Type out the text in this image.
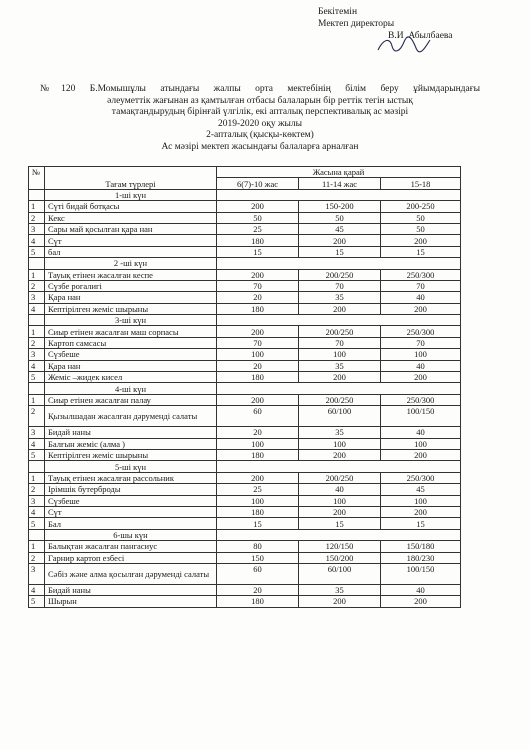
Бекітемін
Мектеп директоры
В.И .Абылбаева
№120 Б.Момышұлы атындағы жалпы орта мектебінің білім беру ұйымдарындағы
әлеуметтік жағынан аз қамтылған отбасы балаларын бір реттік тегін ыстық
тамақтандырудың бірінғай үлгілік, екі апталық перспективалық ас мәзірі
2019-2020 оқу жылы
2-апталық (қысқы-көктем)
Ас мәзірі мектеп жасындағы балаларға арналған
№	Тағам түрлері	Жасына қарай		
		6(7)-10 жас	11-14 жас	15-18
	1-ші күн			
1	Сүті бидай ботқасы	200	150-200	200-250
2	Кекс	50	50	50
3	Сары май қосылған қара нан	25	45	50
4	Сүт	180	200	200
5	бал	15	15	15
	2 -ші күн			
1	Тауық етінен жасалған кеспе	200	200/250	250/300
2	Сүзбе рогалигі	70	70	70
3	Қара нан	20	35	40
4	Кептірілген жеміс шырыны	180	200	200
	3-ші күн			
1	Сиыр етінен жасалған маш сорпасы	200	200/250	250/300
2	Картоп самсасы	70	70	70
3	Сүзбеше	100	100	100
4	Қара нан	20	35	40
5	Жеміс –жидек кисел	180	200	200
	4-ші күн			
1	Сиыр етінен жасалған палау	200	200/250	250/300
2	Қызылшадан жасалған дәруменді салаты	60	60/100	100/150
3	Бидай наны	20	35	40
4	Балғын жеміс (алма )	100	100	100
5	Кептірілген жеміс шырыны	180	200	200
	5-ші күн			
1	Тауық етінен жасалған рассольник	200	200/250	250/300
2	Ірімшік бутерброды	25	40	45
3	Сүзбеше	100	100	100
4	Сүт	180	200	200
5	Бал	15	15	15
	6-шы күн			
1	Балықтан жасалған пангасиус	80	120/150	150/180
2	Гарнир картоп езбесі	150	150/200	180/230
3	Сәбіз және алма қосылған дәруменді салаты	60	60/100	100/150
4	Бидай наны	20	35	40
5	Шырын	180	200	200
